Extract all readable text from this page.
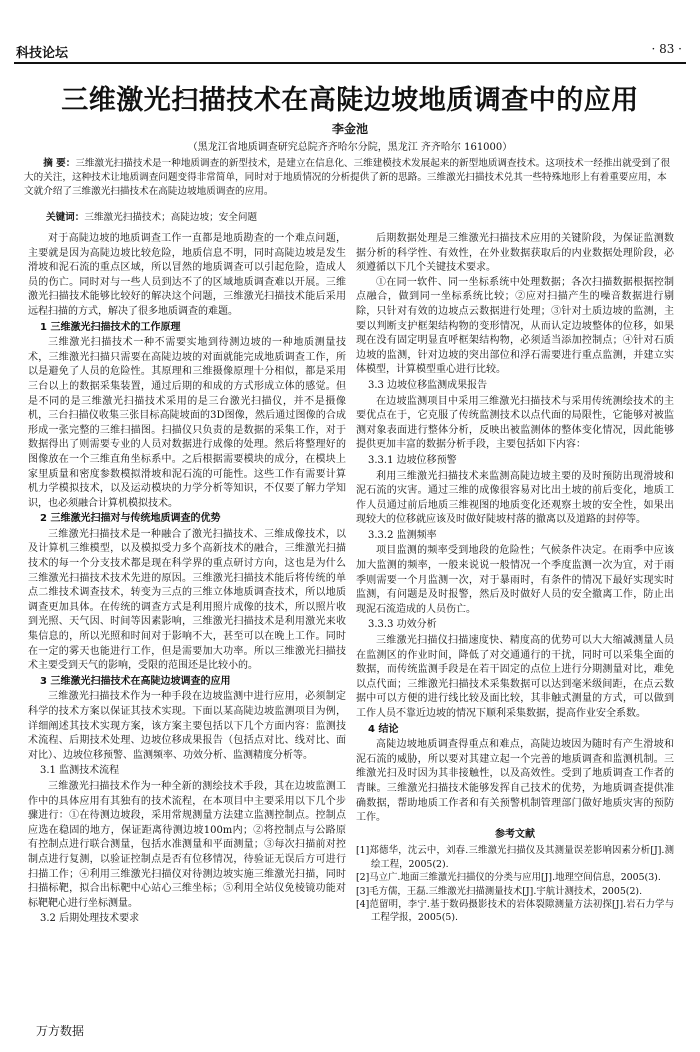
科技论坛	· 83 ·
三维激光扫描技术在高陡边坡地质调查中的应用
李金池
（黑龙江省地质调查研究总院齐齐哈尔分院，黑龙江 齐齐哈尔 161000）
摘 要：三维激光扫描技术是一种地质调查的新型技术，是建立在信息化、三维建模技术发展起来的新型地质调查技术。这项技术一经推出就受到了很大的关注，这种技术让地质调查问题变得非常简单，同时对于地质情况的分析提供了新的思路。三维激光扫描技术兑其一些特殊地形上有着重要应用，本文就介绍了三维激光扫描技术在高陡边坡地质调查的应用。
关键词：三维激光扫描技术；高陡边坡；安全问题
对于高陡边坡的地质调查工作一直都是地质勘查的一个难点问题，主要就是因为高陡边坡比较危险，地质信息不明，同时高陡边坡是发生滑坡和泥石流的重点区域，所以冒然的地质调查可以引起危险，造成人员的伤亡。同时对与一些人员到达不了的区域地质调查难以开展。三维激光扫描技术能够比较好的解决这个问题，三维激光扫描技术能后采用远程扫描的方式，解决了很多地质调查的难题。
1 三维激光扫描技术的工作原理
三维激光扫描技术一种不需要实地到待测边坡的一种地质测量技术，三维激光扫描只需要在高陡边坡的对面就能完成地质调查工作，所以是避免了人员的危险性。其原理和三维摄像原理十分相似，都是采用三台以上的数据采集装置，通过后期的和成的方式形成立体的感觉。但是不同的是三维激光扫描技术采用的是三台激光扫描仪，并不是摄像机，三台扫描仪收集三张目标高陡坡面的3D图像，然后通过图像的合成形成一张完整的三维扫描图。扫描仪只负责的是数据的采集工作，对于数据得出了则需要专业的人员对数据进行成像的处理。然后将整理好的图像放在一个三维直角坐标系中。之后根据需要模块的成分，在模块上家里质量和密度参数模拟滑坡和泥石流的可能性。这些工作有需要计算机力学模拟技术，以及运动模块的力学分析等知识，不仅要了解力学知识，也必须融合计算机模拟技术。
2 三维激光扫描对与传统地质调查的优势
三维激光扫描技术是一种融合了激光扫描技术、三维成像技术，以及计算机三维模型，以及模拟受力多个高新技术的融合，三维激光扫描技术的每一个分支技术都是现在科学界的重点研讨方向，这也是为什么三维激光扫描技术技术先进的原因。三维激光扫描技术能后将传统的单点二维技术调查技术，转变为三点的三维立体地质调查技术，所以地质调查更加具体。在传统的调查方式是利用照片成像的技术，所以照片收到光照、天气因、时间等因素影响，三维激光扫描技术是利用激光来收集信息的，所以光照和时间对于影响不大，甚至可以在晚上工作。同时在一定的雾天也能进行工作，但是需要加大功率。所以三维激光扫描技术主要受到天气的影响，受限的范围还是比较小的。
3 三维激光扫描技术在高陡边坡调查的应用
三维激光扫描技术作为一种手段在边坡监测中进行应用，必须制定科学的技术方案以保证其技术实现。下面以某高陡边坡监测项目为例，详细阐述其技术实现方案，该方案主要包括以下几个方面内容：监测技术流程、后期技术处理、边坡位移成果报告（包括点对比、线对比、面对比）、边坡位移预警、监测频率、功效分析、监测精度分析等。
3.1 监测技术流程
三维激光扫描技术作为一种全新的测绘技术手段，其在边坡监测工作中的具体应用有其独有的技术流程，在本项目中主要采用以下几个步骤进行：①在待测边坡段，采用常规测量方法建立监测控制点。控制点应选在稳固的地方，保证距离待测边坡100m内；②将控制点与公路原有控制点进行联合测量，包括水准测量和平面测量；③每次扫描前对控制点进行复测，以验证控制点是否有位移情况，待验证无误后方可进行扫描工作；④利用三维激光扫描仪对待测边坡实施三维激光扫描，同时扫描标靶，拟合出标靶中心站心三维坐标；⑤利用全站仪免棱镜功能对标靶靶心进行坐标测量。
3.2 后期处理技术要求
后期数据处理是三维激光扫描技术应用的关键阶段，为保证监测数据分析的科学性、有效性，在外业数据获取后的内业数据处理阶段，必须遵循以下几个关键技术要求。
①在同一软件、同一坐标系统中处理数据；各次扫描数据根据控制点融合，做到同一坐标系统比较；②应对扫描产生的噪音数据进行剔除，只针对有效的边坡点云数据进行处理；③针对土质边坡的监测，主要以判断支护框架结构物的变形情况，从而认定边坡整体的位移，如果现在没有固定明显直呼框架结构物，必须适当添加控制点；④针对石质边坡的监测，针对边坡的突出部位和浮石需要进行重点监测，并建立实体模型，计算模型重心进行比较。
3.3 边坡位移监测成果报告
在边坡监测项目中采用三维激光扫描技术与采用传统测绘技术的主要优点在于，它克服了传统监测技术以点代面的局限性，它能够对被监测对象表面进行整体分析，反映出被监测体的整体变化情况，因此能够提供更加丰富的数据分析手段，主要包括如下内容：
3.3.1 边坡位移预警
利用三维激光扫描技术来监测高陡边坡主要的及时预防出现滑坡和泥石流的灾害。通过三维的成像很容易对比出土坡的前后变化，地质工作人员通过前后地质三维视图的地质变化还观察土坡的安全性，如果出现较大的位移就应该及时做好陡坡村落的撤离以及道路的封停等。
3.3.2 监测频率
项目监测的频率受到地段的危险性；气候条件决定。在雨季中应该加大监测的频率，一般来说说一般情况一个季度监测一次为宜，对于雨季则需要一个月监测一次，对于暴雨时，有条件的情况下最好实现实时监测，有问题是及时报警，然后及时做好人员的安全撤离工作，防止出现泥石流造成的人员伤亡。
3.3.3 功效分析
三维激光扫描仪扫描速度快、精度高的优势可以大大缩减测量人员在监测区的作业时间，降低了对交通通行的干扰，同时可以采集全面的数据，而传统监测手段是在若干固定的点位上进行分期测量对比，难免以点代面；三维激光扫描技术采集数据可以达到毫米级间距，在点云数据中可以方便的进行线比较及面比较，其非触式测量的方式，可以做到工作人员不靠近边坡的情况下顺利采集数据，提高作业安全系数。
4 结论
高陡边坡地质调查得重点和难点，高陡边坡因为随时有产生滑坡和泥石流的威胁，所以要对其建立起一个完善的地质调查和监测机制。三维激光扫及时因为其非接触性，以及高效性。受到了地质调查工作者的青睐。三维激光扫描技术能够发挥自己技术的优势，为地质调查提供准确数据，帮助地质工作者和有关预警机制管理部门做好地质灾害的预防工作。
参考文献
[1]郑德华，沈云中，刘春.三维激光扫描仪及其测量误差影响因素分析[J].测绘工程，2005(2).
[2]马立广.地面三维激光扫描仪的分类与应用[J].地理空间信息，2005(3).
[3]毛方儒，王磊.三维激光扫描测量技术[J].宇航计测技术，2005(2).
[4]范留明，李宁.基于数码摄影技术的岩体裂隙测量方法初探[J].岩石力学与工程学报，2005(5).
万方数据
